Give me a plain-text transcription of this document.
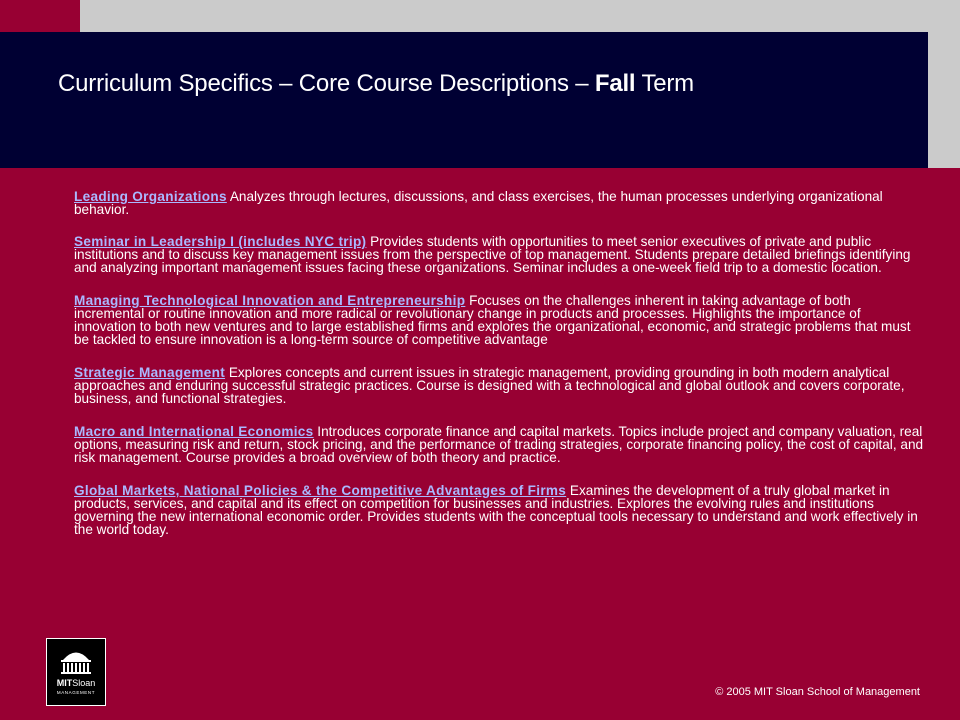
Curriculum Specifics – Core Course Descriptions – Fall Term

Leading Organizations Analyzes through lectures, discussions, and class exercises, the human processes underlying organizational behavior.

Seminar in Leadership I (includes NYC trip) Provides students with opportunities to meet senior executives of private and public institutions and to discuss key management issues from the perspective of top management. Students prepare detailed briefings identifying and analyzing important management issues facing these organizations. Seminar includes a one-week field trip to a domestic location.

Managing Technological Innovation and Entrepreneurship Focuses on the challenges inherent in taking advantage of both incremental or routine innovation and more radical or revolutionary change in products and processes. Highlights the importance of innovation to both new ventures and to large established firms and explores the organizational, economic, and strategic problems that must be tackled to ensure innovation is a long-term source of competitive advantage

Strategic Management Explores concepts and current issues in strategic management, providing grounding in both modern analytical approaches and enduring successful strategic practices. Course is designed with a technological and global outlook and covers corporate, business, and functional strategies.

Macro and International Economics Introduces corporate finance and capital markets. Topics include project and company valuation, real options, measuring risk and return, stock pricing, and the performance of trading strategies, corporate financing policy, the cost of capital, and risk management. Course provides a broad overview of both theory and practice.

Global Markets, National Policies & the Competitive Advantages of Firms Examines the development of a truly global market in products, services, and capital and its effect on competition for businesses and industries. Explores the evolving rules and institutions governing the new international economic order. Provides students with the conceptual tools necessary to understand and work effectively in the world today.

MITSloan
MANAGEMENT	© 2005 MIT Sloan School of Management
